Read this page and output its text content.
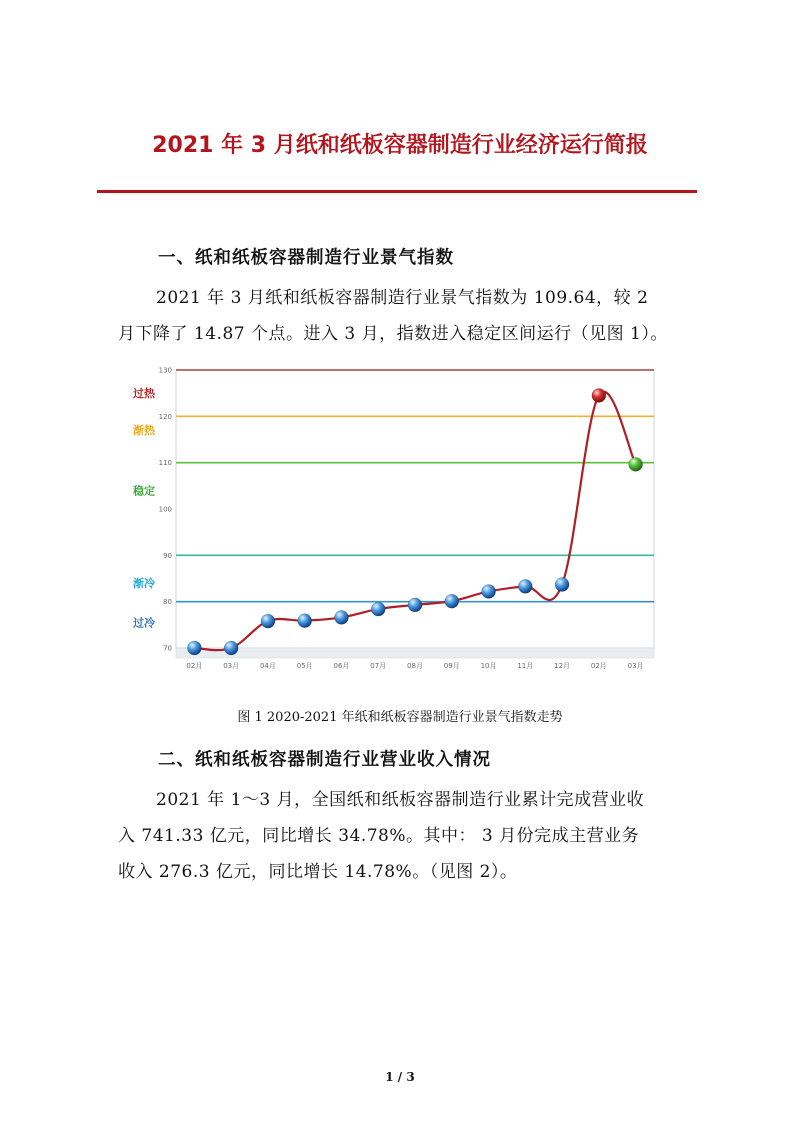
2021 年 3 月纸和纸板容器制造行业经济运行简报
一、纸和纸板容器制造行业景气指数
2021 年 3 月纸和纸板容器制造行业景气指数为 109.64，较 2
月下降了 14.87 个点。进入 3 月，指数进入稳定区间运行（见图 1）。
70
80
90
100
110
120
130
过热
渐热
稳定
渐冷
过冷
02月	03月	04月	05月	06月	07月	08月	09月	10月	11月	12月	02月	03月
图 1 2020-2021 年纸和纸板容器制造行业景气指数走势
二、纸和纸板容器制造行业营业收入情况
2021 年 1～3 月，全国纸和纸板容器制造行业累计完成营业收
入 741.33 亿元，同比增长 34.78%。其中： 3 月份完成主营业务
收入 276.3 亿元，同比增长 14.78%。（见图 2）。
1 / 3
